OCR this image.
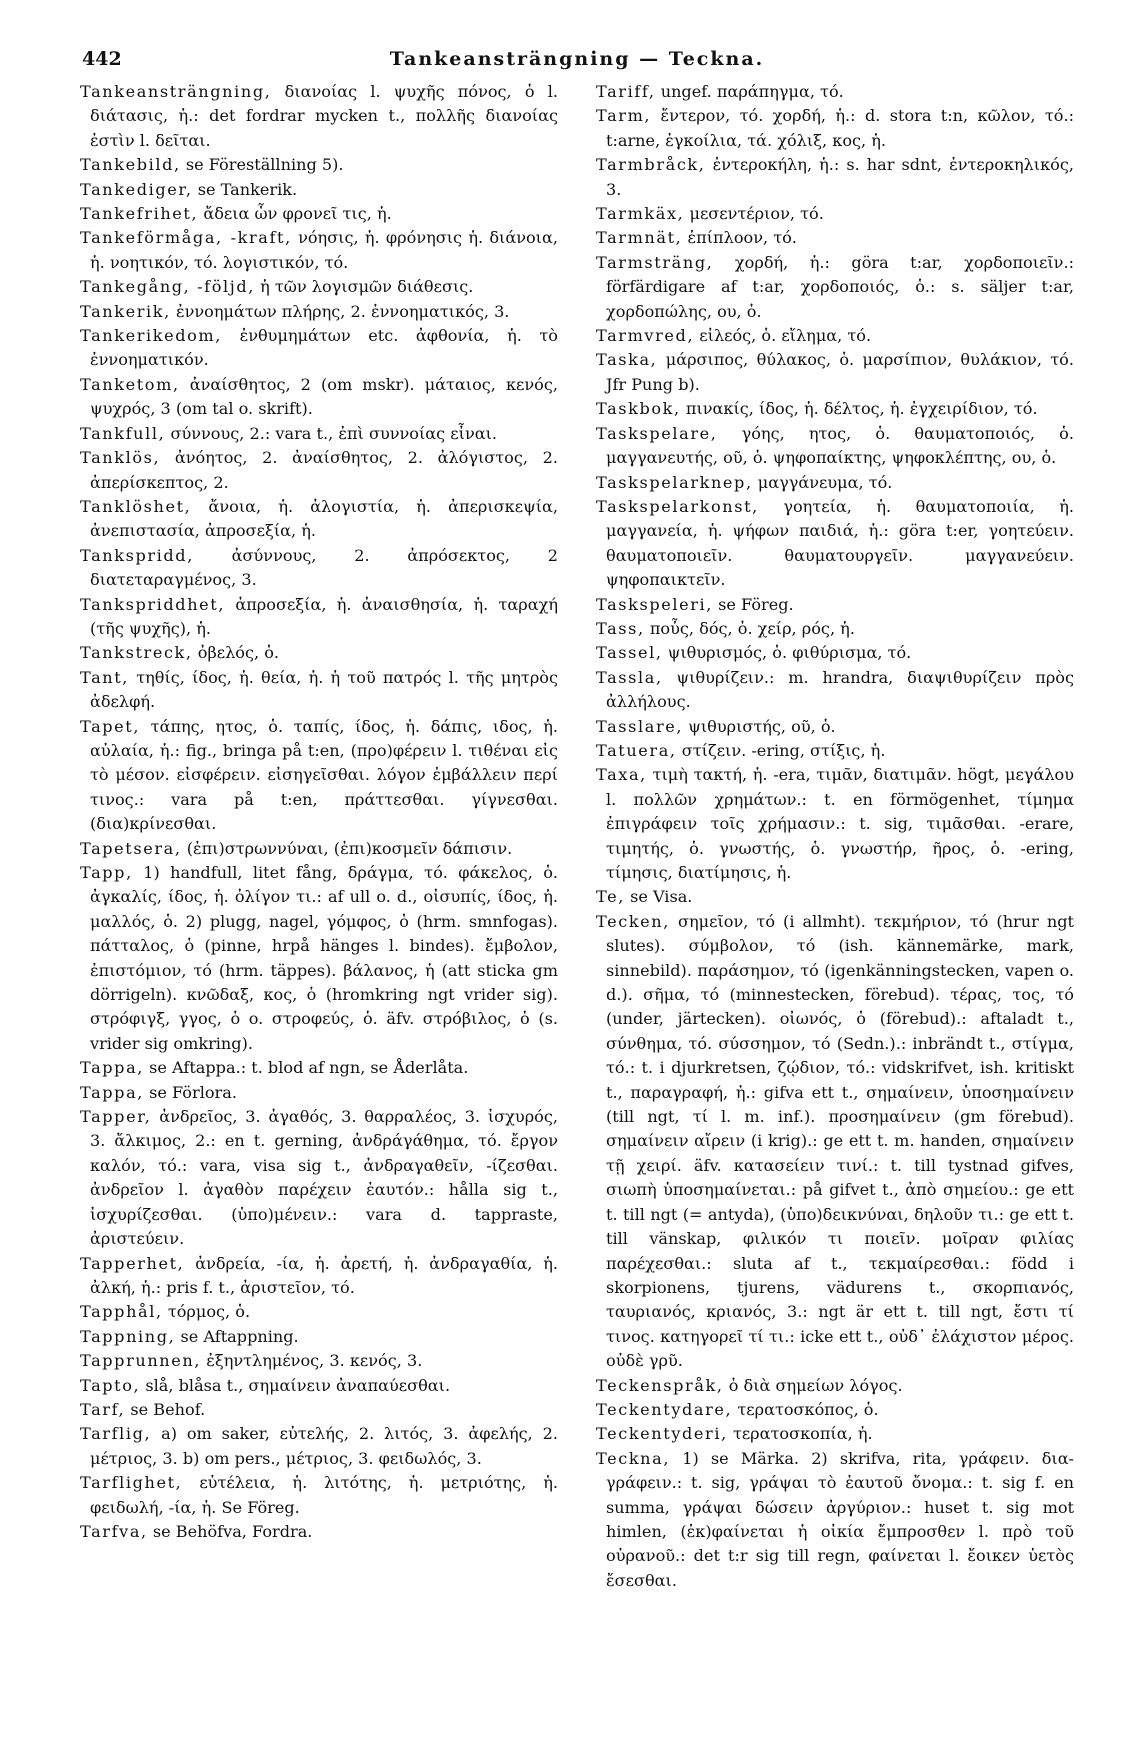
442	Tankeansträngning — Teckna.

Tankeansträngning, διανοίας l. ψυχῆς πόνος, ὁ l. διάτασις, ἡ.: det fordrar mycken t., πολλῆς διανοίας ἐστὶν l. δεῖται.

Tankebild, se Föreställning 5).

Tankediger, se Tankerik.

Tankefrihet, ἄδεια ὧν φρονεῖ τις, ἡ.

Tankeförmåga, -kraft, νόησις, ἡ. φρόνησις ἡ. διάνοια, ἡ. νοητικόν, τό. λογιστικόν, τό.

Tankegång, -följd, ἡ τῶν λογισμῶν διάθεσις.

Tankerik, ἐννοημάτων πλήρης, 2. ἐννοηματικός, 3.

Tankerikedom, ἐνθυμημάτων etc. ἀφθονία, ἡ. τὸ ἐννοηματικόν.

Tanketom, ἀναίσθητος, 2 (om mskr). μάταιος, κενός, ψυχρός, 3 (om tal o. skrift).

Tankfull, σύννους, 2.: vara t., ἐπὶ συννοίας εἶναι.

Tanklös, ἀνόητος, 2. ἀναίσθητος, 2. ἀλόγιστος, 2. ἀπερίσκεπτος, 2.

Tanklöshet, ἄνοια, ἡ. ἀλογιστία, ἡ. ἀπερισκεψία, ἀνεπιστασία, ἀπροσεξία, ἡ.

Tankspridd, ἀσύννους, 2. ἀπρόσεκτος, 2 διατεταραγμένος, 3.

Tankspriddhet, ἀπροσεξία, ἡ. ἀναισθησία, ἡ. ταραχή (τῆς ψυχῆς), ἡ.

Tankstreck, ὀβελός, ὁ.

Tant, τηθίς, ίδος, ἡ. θεία, ἡ. ἡ τοῦ πατρός l. τῆς μητρὸς ἀδελφή.

Tapet, τάπης, ητος, ὁ. ταπίς, ίδος, ἡ. δάπις, ιδος, ἡ. αὐλαία, ἡ.: fig., bringa på t:en, (προ)φέρειν l. τιθέναι εἰς τὸ μέσον. εἰσφέρειν. εἰσηγεῖσθαι. λόγον ἐμβάλλειν περί τινος.: vara på t:en, πράττεσθαι. γίγνεσθαι. (δια)κρίνεσθαι.

Tapetsera, (ἐπι)στρωννύναι, (ἐπι)κοσμεῖν δάπισιν.

Tapp, 1) handfull, litet fång, δράγμα, τό. φάκελος, ὁ. ἀγκαλίς, ίδος, ἡ. ὀλίγον τι.: af ull o. d., οἰσυπίς, ίδος, ἡ. μαλλός, ὁ. 2) plugg, nagel, γόμφος, ὁ (hrm. smnfogas). πάτταλος, ὁ (pinne, hrpå hänges l. bindes). ἔμβολον, ἐπιστόμιον, τό (hrm. täppes). βάλανος, ἡ (att sticka gm dörrigeln). κνῶδαξ, κος, ὁ (hromkring ngt vrider sig). στρόφιγξ, γγος, ὁ o. στροφεύς, ὁ. äfv. στρόβιλος, ὁ (s. vrider sig omkring).

Tappa, se Aftappa.: t. blod af ngn, se Åderlåta.

Tappa, se Förlora.

Tapper, ἀνδρεῖος, 3. ἀγαθός, 3. θαρραλέος, 3. ἰσχυρός, 3. ἄλκιμος, 2.: en t. gerning, ἀνδράγάθημα, τό. ἔργον καλόν, τό.: vara, visa sig t., ἀνδραγαθεῖν, -ίζεσθαι. ἀνδρεῖον l. ἀγαθὸν παρέχειν ἑαυτόν.: hålla sig t., ἰσχυρίζεσθαι. (ὑπο)μένειν.: vara d. tappraste, ἀριστεύειν.

Tapperhet, ἀνδρεία, -ία, ἡ. ἀρετή, ἡ. ἀνδραγαθία, ἡ. ἀλκή, ἡ.: pris f. t., ἀριστεῖον, τό.

Tapphål, τόρμος, ὁ.

Tappning, se Aftappning.

Tapprunnen, ἐξηντλημένος, 3. κενός, 3.

Tapto, slå, blåsa t., σημαίνειν ἀναπαύεσθαι.

Tarf, se Behof.

Tarflig, a) om saker, εὐτελής, 2. λιτός, 3. ἀφελής, 2. μέτριος, 3. b) om pers., μέτριος, 3. φειδωλός, 3.

Tarflighet, εὐτέλεια, ἡ. λιτότης, ἡ. μετριότης, ἡ. φειδωλή, -ία, ἡ. Se Föreg.

Tarfva, se Behöfva, Fordra.

Tariff, ungef. παράπηγμα, τό.

Tarm, ἔντερον, τό. χορδή, ἡ.: d. stora t:n, κῶλον, τό.: t:arne, ἐγκοίλια, τά. χόλιξ, κος, ἡ.

Tarmbråck, ἐντεροκήλη, ἡ.: s. har sdnt, ἐντεροκηλικός, 3.

Tarmkäx, μεσεντέριον, τό.

Tarmnät, ἐπίπλοον, τό.

Tarmsträng, χορδή, ἡ.: göra t:ar, χορδοποιεῖν.: förfärdigare af t:ar, χορδοποιός, ὁ.: s. säljer t:ar, χορδοπώλης, ου, ὁ.

Tarmvred, εἰλεός, ὁ. εἴλημα, τό.

Taska, μάρσιπος, θύλακος, ὁ. μαρσίπιον, θυλάκιον, τό. Jfr Pung b).

Taskbok, πινακίς, ίδος, ἡ. δέλτος, ἡ. ἐγχειρίδιον, τό.

Taskspelare, γόης, ητος, ὁ. θαυματοποιός, ὁ. μαγγανευτής, οῦ, ὁ. ψηφοπαίκτης, ψηφοκλέπτης, ου, ὁ.

Taskspelarknep, μαγγάνευμα, τό.

Taskspelarkonst, γοητεία, ἡ. θαυματοποιία, ἡ. μαγγανεία, ἡ. ψήφων παιδιά, ἡ.: göra t:er, γοητεύειν. θαυματοποιεῖν. θαυματουργεῖν. μαγγανεύειν. ψηφοπαικτεῖν.

Taskspeleri, se Föreg.

Tass, ποὖς, δός, ὁ. χείρ, ρός, ἡ.

Tassel, ψιθυρισμός, ὁ. φιθύρισμα, τό.

Tassla, ψιθυρίζειν.: m. hrandra, διαψιθυρίζειν πρὸς ἀλλήλους.

Tasslare, ψιθυριστής, οῦ, ὁ.

Tatuera, στίζειν. -ering, στίξις, ἡ.

Taxa, τιμὴ τακτή, ἡ. -era, τιμᾶν, διατιμᾶν. högt, μεγάλου l. πολλῶν χρημάτων.: t. en förmögenhet, τίμημα ἐπιγράφειν τοῖς χρήμασιν.: t. sig, τιμᾶσθαι. -erare, τιμητής, ὁ. γνωστής, ὁ. γνωστήρ, ῆρος, ὁ. -ering, τίμησις, διατίμησις, ἡ.

Te, se Visa.

Tecken, σημεῖον, τό (i allmht). τεκμήριον, τό (hrur ngt slutes). σύμβολον, τό (ish. kännemärke, mark, sinnebild). παράσημον, τό (igenkänningstecken, vapen o. d.). σῆμα, τό (minnestecken, förebud). τέρας, τος, τό (under, järtecken). οἰωνός, ὁ (förebud).: aftaladt t., σύνθημα, τό. σύσσημον, τό (Sedn.).: inbrändt t., στίγμα, τό.: t. i djurkretsen, ζῴδιον, τό.: vidskrifvet, ish. kritiskt t., παραγραφή, ἡ.: gifva ett t., σημαίνειν, ὑποσημαίνειν (till ngt, τί l. m. inf.). προσημαίνειν (gm förebud). σημαίνειν αἴρειν (i krig).: ge ett t. m. handen, σημαίνειν τῇ χειρί. äfv. κατασείειν τινί.: t. till tystnad gifves, σιωπὴ ὑποσημαίνεται.: på gifvet t., ἀπὸ σημείου.: ge ett t. till ngt (= antyda), (ὑπο)δεικνύναι, δηλοῦν τι.: ge ett t. till vänskap, φιλικόν τι ποιεῖν. μοῖραν φιλίας παρέχεσθαι.: sluta af t., τεκμαίρεσθαι.: född i skorpionens, tjurens, vädurens t., σκορπιανός, ταυριανός, κριανός, 3.: ngt är ett t. till ngt, ἔστι τί τινος. κατηγορεῖ τί τι.: icke ett t., οὐδ᾽ ἐλάχιστον μέρος. οὐδὲ γρῦ.

Teckenspråk, ὁ διὰ σημείων λόγος.

Teckentydare, τερατοσκόπος, ὁ.

Teckentyderi, τερατοσκοπία, ἡ.

Teckna, 1) se Märka. 2) skrifva, rita, γράφειν. δια-γράφειν.: t. sig, γράψαι τὸ ἑαυτοῦ ὄνομα.: t. sig f. en summa, γράψαι δώσειν ἀργύριον.: huset t. sig mot himlen, (ἐκ)φαίνεται ἡ οἰκία ἔμπροσθεν l. πρὸ τοῦ οὐρανοῦ.: det t:r sig till regn, φαίνεται l. ἔοικεν ὑετὸς ἔσεσθαι.
